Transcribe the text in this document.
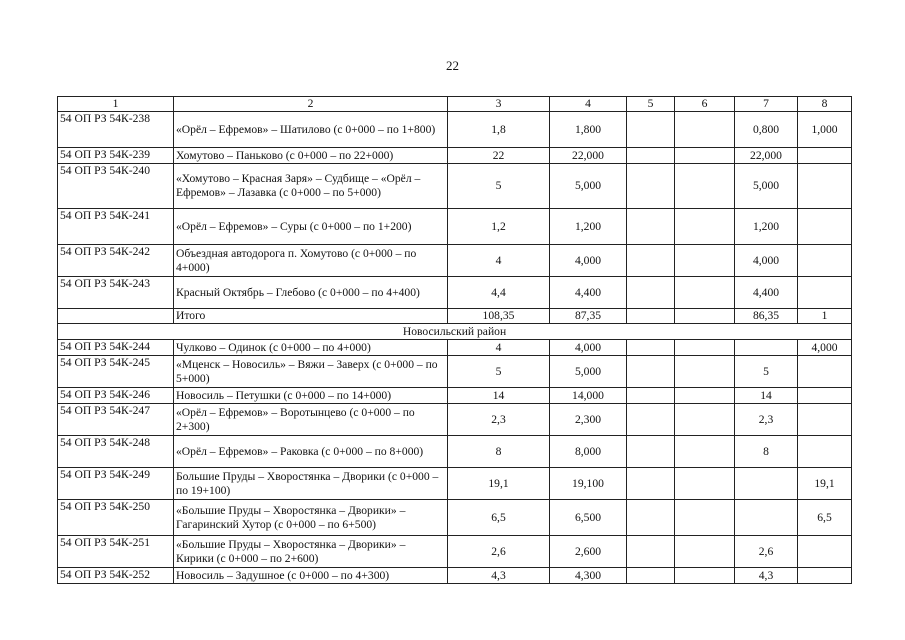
22
1	2	3	4	5	6	7	8
54 ОП РЗ 54К-238	«Орёл – Ефремов» – Шатилово (с 0+000 – по 1+800)	1,8	1,800			0,800	1,000
54 ОП РЗ 54К-239	Хомутово – Паньково (с 0+000 – по 22+000)	22	22,000			22,000	
54 ОП РЗ 54К-240	«Хомутово – Красная Заря» – Судбище – «Орёл – Ефремов» – Лазавка (с 0+000 – по 5+000)	5	5,000			5,000	
54 ОП РЗ 54К-241	«Орёл – Ефремов» – Суры (с 0+000 – по 1+200)	1,2	1,200			1,200	
54 ОП РЗ 54К-242	Объездная автодорога п. Хомутово (с 0+000 – по 4+000)	4	4,000			4,000	
54 ОП РЗ 54К-243	Красный Октябрь – Глебово (с 0+000 – по 4+400)	4,4	4,400			4,400	
	Итого	108,35	87,35			86,35	1
Новосильский район							
54 ОП РЗ 54К-244	Чулково – Одинок (с 0+000 – по 4+000)	4	4,000				4,000
54 ОП РЗ 54К-245	«Мценск – Новосиль» – Вяжи – Заверх (с 0+000 – по 5+000)	5	5,000			5	
54 ОП РЗ 54К-246	Новосиль – Петушки (с 0+000 – по 14+000)	14	14,000			14	
54 ОП РЗ 54К-247	«Орёл – Ефремов» – Воротынцево (с 0+000 – по 2+300)	2,3	2,300			2,3	
54 ОП РЗ 54К-248	«Орёл – Ефремов» – Раковка (с 0+000 – по 8+000)	8	8,000			8	
54 ОП РЗ 54К-249	Большие Пруды – Хворостянка – Дворики (с 0+000 – по 19+100)	19,1	19,100				19,1
54 ОП РЗ 54К-250	«Большие Пруды – Хворостянка – Дворики» – Гагаринский Хутор (с 0+000 – по 6+500)	6,5	6,500				6,5
54 ОП РЗ 54К-251	«Большие Пруды – Хворостянка – Дворики» – Кирики (с 0+000 – по 2+600)	2,6	2,600			2,6	
54 ОП РЗ 54К-252	Новосиль – Задушное (с 0+000 – по 4+300)	4,3	4,300			4,3	
